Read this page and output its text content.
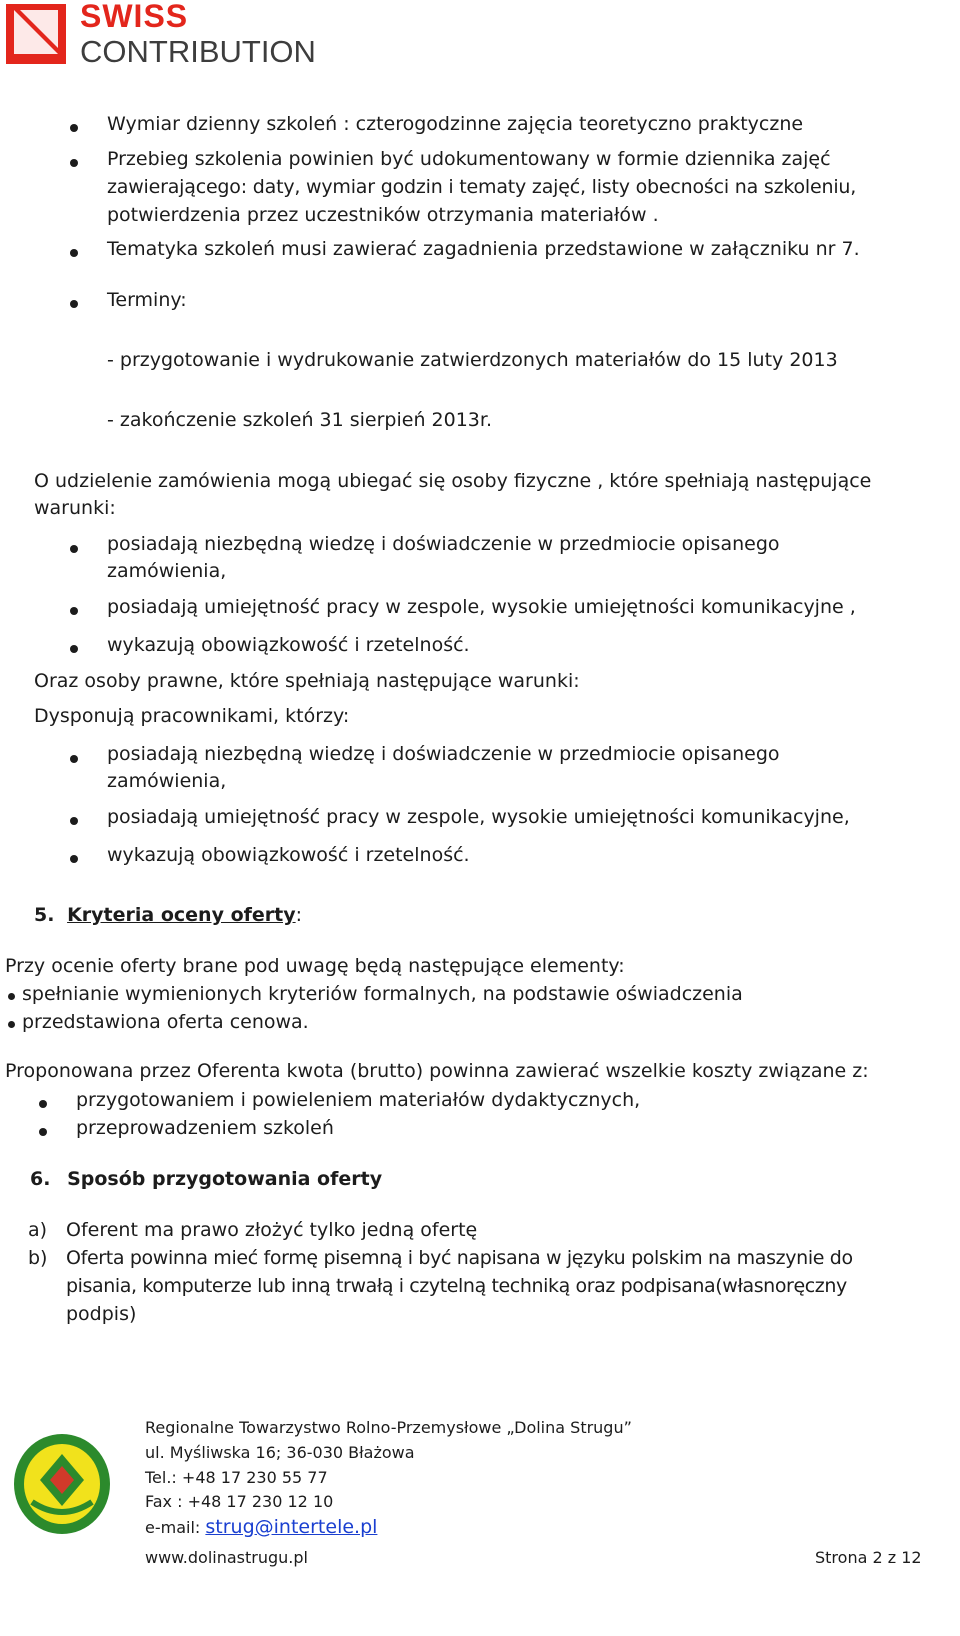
SWISS
CONTRIBUTION
Wymiar dzienny szkoleń : czterogodzinne zajęcia teoretyczno praktyczne
Przebieg szkolenia powinien być udokumentowany w formie dziennika zajęć
zawierającego: daty, wymiar godzin i tematy zajęć, listy obecności na szkoleniu,
potwierdzenia przez uczestników otrzymania materiałów .
Tematyka szkoleń musi zawierać zagadnienia przedstawione w załączniku nr 7.
Terminy:
- przygotowanie i wydrukowanie zatwierdzonych materiałów do 15 luty 2013
- zakończenie szkoleń 31 sierpień 2013r.
O udzielenie zamówienia mogą ubiegać się osoby fizyczne , które spełniają następujące
warunki:
posiadają niezbędną wiedzę i doświadczenie w przedmiocie opisanego
zamówienia,
posiadają umiejętność pracy w zespole, wysokie umiejętności komunikacyjne ,
wykazują obowiązkowość i rzetelność.
Oraz osoby prawne, które spełniają następujące warunki:
Dysponują pracownikami, którzy:
posiadają niezbędną wiedzę i doświadczenie w przedmiocie opisanego
zamówienia,
posiadają umiejętność pracy w zespole, wysokie umiejętności komunikacyjne,
wykazują obowiązkowość i rzetelność.
5. Kryteria oceny oferty:
Przy ocenie oferty brane pod uwagę będą następujące elementy:
spełnianie wymienionych kryteriów formalnych, na podstawie oświadczenia
przedstawiona oferta cenowa.
Proponowana przez Oferenta kwota (brutto) powinna zawierać wszelkie koszty związane z:
przygotowaniem i powieleniem materiałów dydaktycznych,
przeprowadzeniem szkoleń
6. Sposób przygotowania oferty
a) Oferent ma prawo złożyć tylko jedną ofertę
b) Oferta powinna mieć formę pisemną i być napisana w języku polskim na maszynie do
pisania, komputerze lub inną trwałą i czytelną techniką oraz podpisana(własnoręczny
podpis)
Regionalne Towarzystwo Rolno-Przemysłowe „Dolina Strugu”
ul. Myśliwska 16; 36-030 Błażowa
Tel.: +48 17 230 55 77
Fax : +48 17 230 12 10
e-mail: strug@intertele.pl
www.dolinastrugu.pl	Strona 2 z 12
